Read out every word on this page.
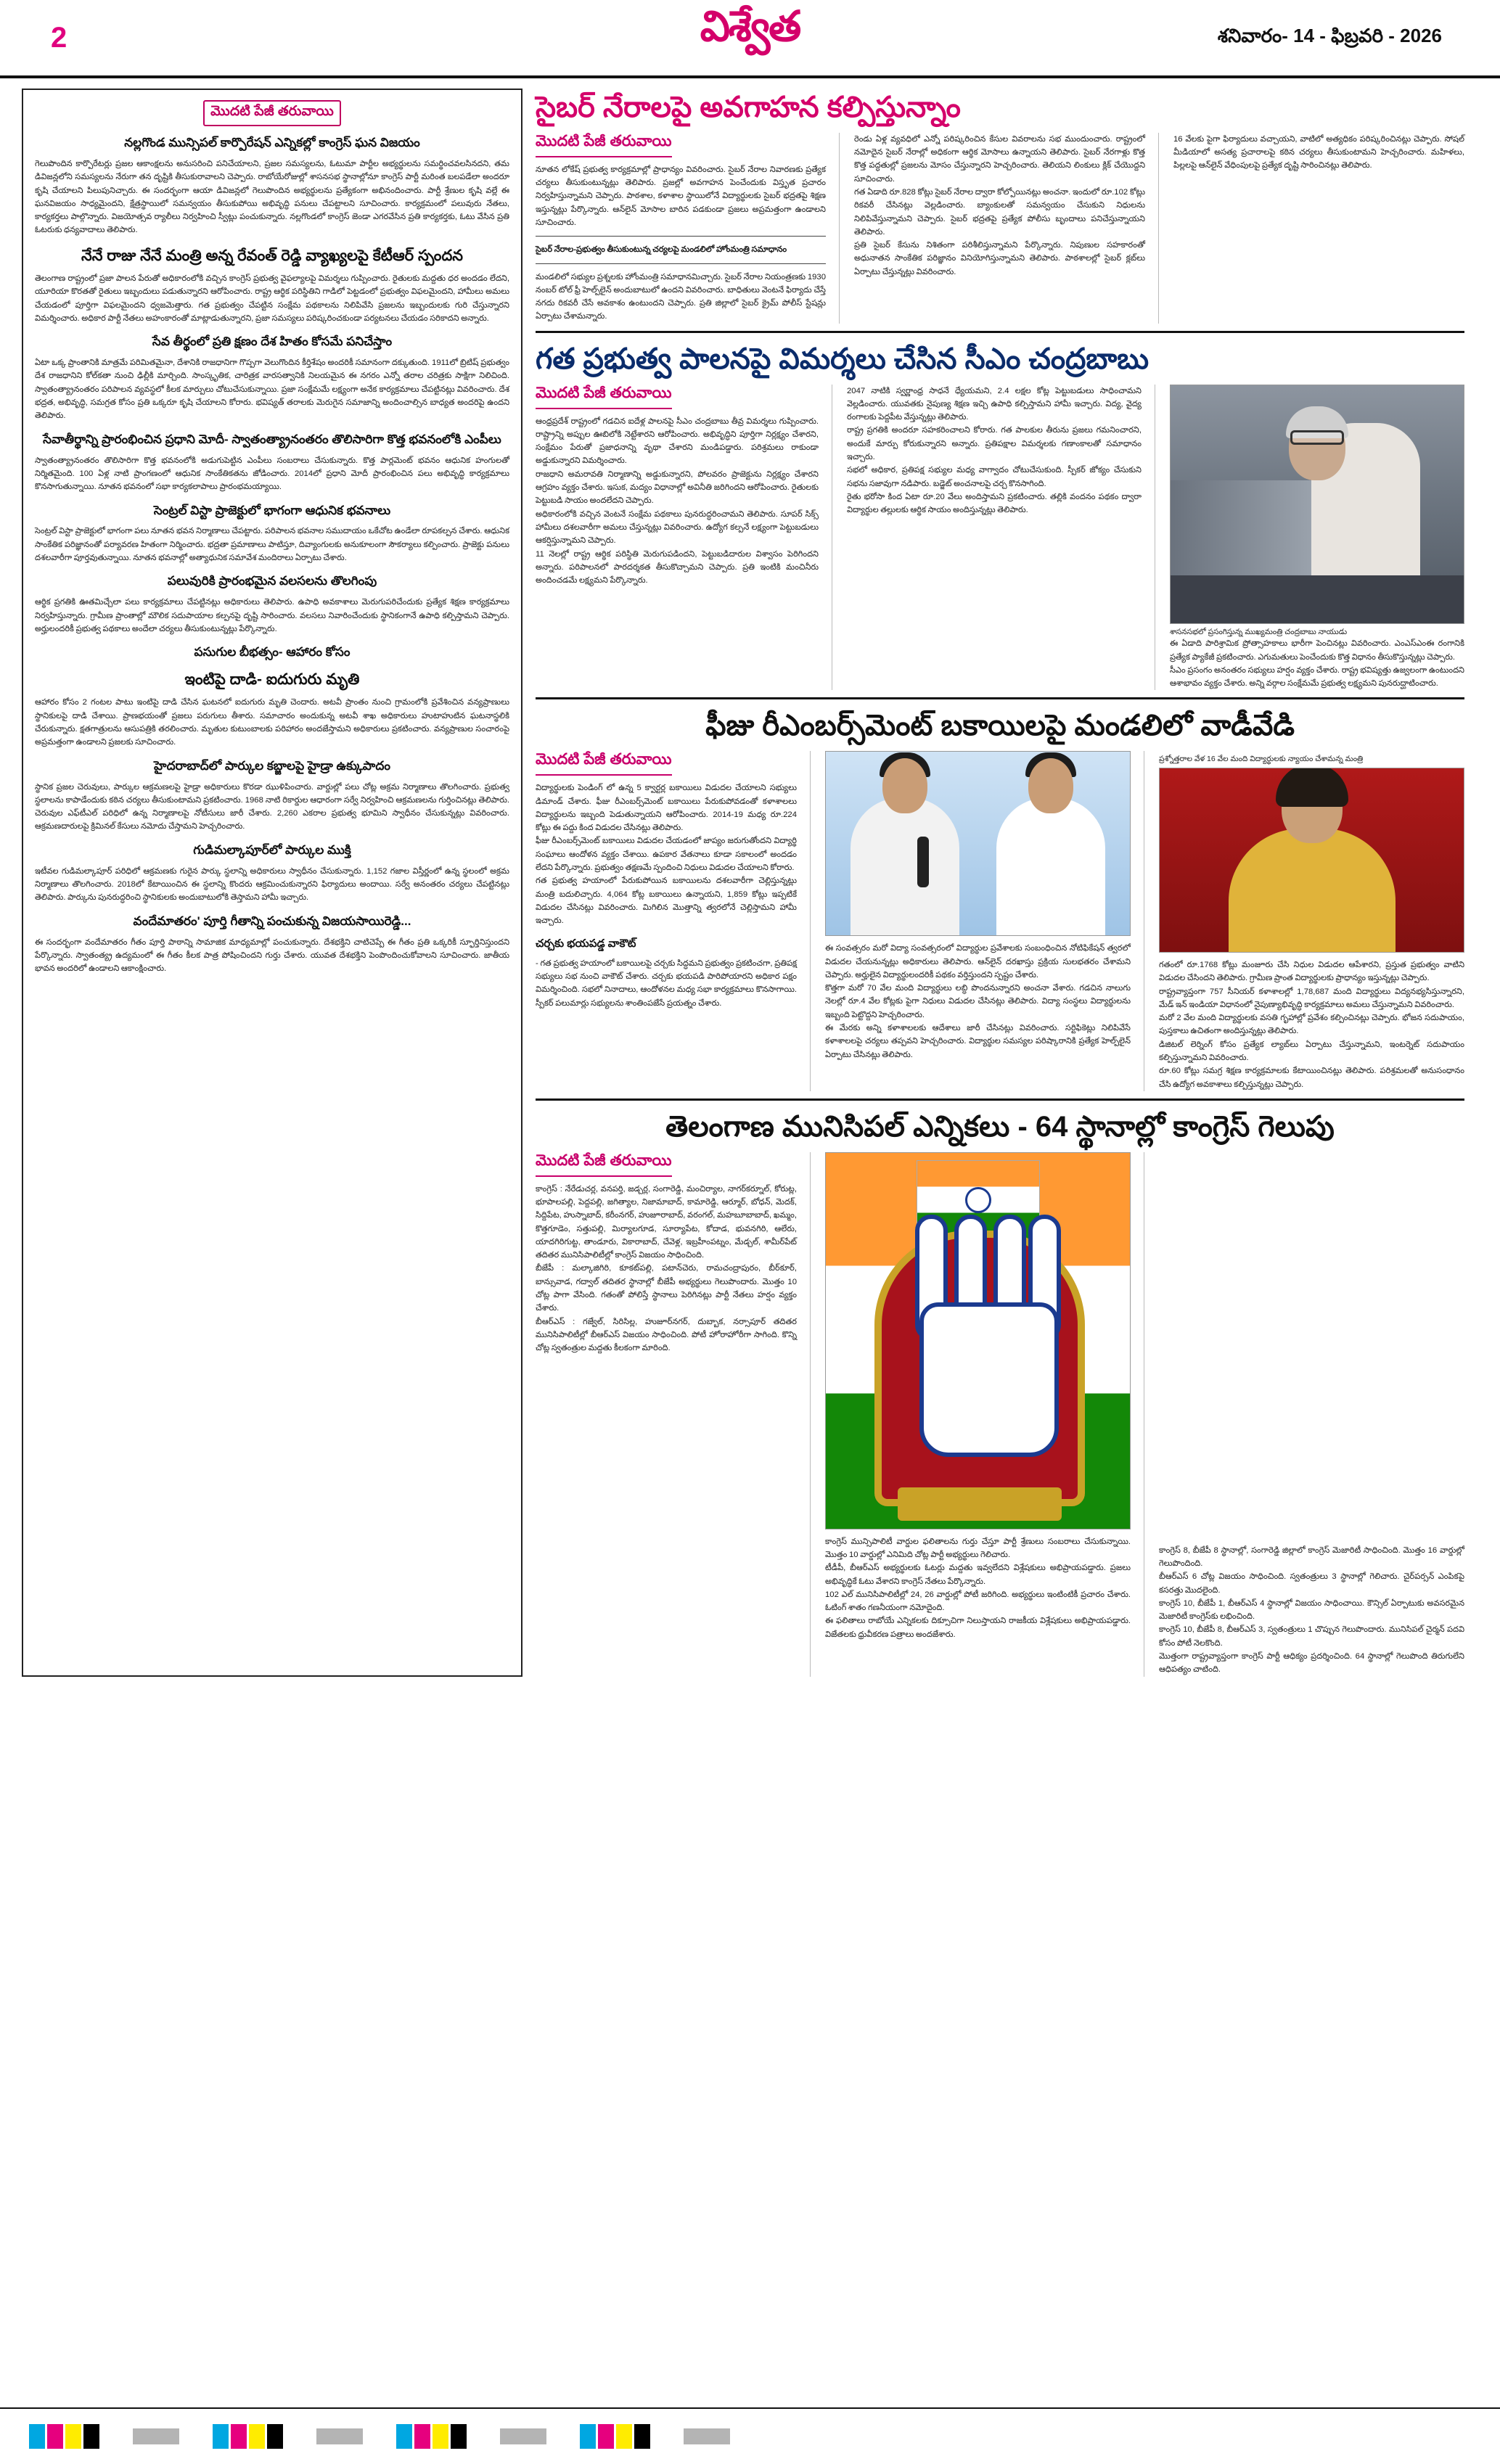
2	విశ్వేత	శనివారం- 14 - ఫిబ్రవరి - 2026
మొదటి పేజీ తరువాయి
నల్లగొండ మున్సిపల్ కార్పొరేషన్ ఎన్నికల్లో కాంగ్రెస్ ఘన విజయం
గెలుపొందిన కార్పొరేటర్లు ప్రజల ఆకాంక్షలను అనుసరించి పనిచేయాలని, ప్రజల సమస్యలను, ఓటుమా పార్టీల అభ్యర్థులను సమర్థించవలసినదని, తమ డివిజన్లలోని సమస్యలను నేరుగా తన దృష్టికి తీసుకురావాలని చెప్పారు. రాబోయేరోజుల్లో శాసనసభ స్థానాల్లోనూ కాంగ్రెస్ పార్టీ మరింత బలపడేలా అందరూ కృషి చేయాలని పిలుపునిచ్చారు. ఈ సందర్భంగా ఆయా డివిజన్లలో గెలుపొందిన అభ్యర్థులను ప్రత్యేకంగా అభినందించారు. పార్టీ శ్రేణుల కృషి వల్లే ఈ ఘనవిజయం సాధ్యమైందని, క్షేత్రస్థాయిలో సమన్వయం తీసుకుపోయి అభివృద్ధి పనులు చేపట్టాలని సూచించారు. కార్యక్రమంలో పలువురు నేతలు, కార్యకర్తలు పాల్గొన్నారు. విజయోత్సవ ర్యాలీలు నిర్వహించి స్వీట్లు పంచుకున్నారు. నల్లగొండలో కాంగ్రెస్ జెండా ఎగరవేసిన ప్రతి కార్యకర్తకు, ఓటు వేసిన ప్రతి ఓటరుకు ధన్యవాదాలు తెలిపారు.
నేనే రాజు నేనే మంత్రి అన్న రేవంత్ రెడ్డి వ్యాఖ్యలపై కేటీఆర్ స్పందన
తెలంగాణ రాష్ట్రంలో ప్రజా పాలన పేరుతో అధికారంలోకి వచ్చిన కాంగ్రెస్ ప్రభుత్వ వైఫల్యాలపై విమర్శలు గుప్పించారు. రైతులకు మద్దతు ధర అందడం లేదని, యూరియా కొరతతో రైతులు ఇబ్బందులు పడుతున్నారని ఆరోపించారు. రాష్ట్ర ఆర్థిక పరిస్థితిని గాడిలో పెట్టడంలో ప్రభుత్వం విఫలమైందని, హామీలు అమలు చేయడంలో పూర్తిగా విఫలమైందని ధ్వజమెత్తారు. గత ప్రభుత్వం చేపట్టిన సంక్షేమ పథకాలను నిలిపివేసి ప్రజలను ఇబ్బందులకు గురి చేస్తున్నారని విమర్శించారు. అధికార పార్టీ నేతలు అహంకారంతో మాట్లాడుతున్నారని, ప్రజా సమస్యలు పరిష్కరించకుండా పర్యటనలు చేయడం సరికాదని అన్నారు.
సేవ తీర్థంలో ప్రతి క్షణం దేశ హితం కోసమే పనిచేస్తాం
ఏటా ఒక్క ప్రాంతానికి మాత్రమే పరిమితమైనా, దేశానికి రాజధానిగా గొప్పగా వెలుగొందిన కీర్తిశేషం అందరికీ సమానంగా దక్కుతుంది. 1911లో బ్రిటిష్ ప్రభుత్వం దేశ రాజధానిని కోల్‌కతా నుంచి ఢిల్లీకి మార్చింది. సాంస్కృతిక, చారిత్రక వారసత్వానికి నిలయమైన ఈ నగరం ఎన్నో తరాల చరిత్రకు సాక్షిగా నిలిచింది. స్వాతంత్య్రానంతరం పరిపాలన వ్యవస్థలో కీలక మార్పులు చోటుచేసుకున్నాయి. ప్రజా సంక్షేమమే లక్ష్యంగా అనేక కార్యక్రమాలు చేపట్టినట్లు వివరించారు. దేశ భద్రత, అభివృద్ధి, సమగ్రత కోసం ప్రతి ఒక్కరూ కృషి చేయాలని కోరారు. భవిష్యత్ తరాలకు మెరుగైన సమాజాన్ని అందించాల్సిన బాధ్యత అందరిపై ఉందని తెలిపారు.
సేవాతీర్థాన్ని ప్రారంభించిన ప్రధాని మోదీ- స్వాతంత్య్రానంతరం తొలిసారిగా కొత్త భవనంలోకి ఎంపీలు
స్వాతంత్య్రానంతరం తొలిసారిగా కొత్త భవనంలోకి అడుగుపెట్టిన ఎంపీలు సంబరాలు చేసుకున్నారు. కొత్త పార్లమెంట్ భవనం ఆధునిక హంగులతో నిర్మితమైంది. 100 ఏళ్ల నాటి ప్రాంగణంలో ఆధునిక సాంకేతికతను జోడించారు. 2014లో ప్రధాని మోదీ ప్రారంభించిన పలు అభివృద్ధి కార్యక్రమాలు కొనసాగుతున్నాయి. నూతన భవనంలో సభా కార్యకలాపాలు ప్రారంభమయ్యాయి.
సెంట్రల్ విస్టా ప్రాజెక్టులో భాగంగా ఆధునిక భవనాలు
సెంట్రల్ విస్టా ప్రాజెక్టులో భాగంగా పలు నూతన భవన నిర్మాణాలు చేపట్టారు. పరిపాలన భవనాల సముదాయం ఒకేచోట ఉండేలా రూపకల్పన చేశారు. ఆధునిక సాంకేతిక పరిజ్ఞానంతో పర్యావరణ హితంగా నిర్మించారు. భద్రతా ప్రమాణాలు పాటిస్తూ, దివ్యాంగులకు అనుకూలంగా సౌకర్యాలు కల్పించారు. ప్రాజెక్టు పనులు దశలవారీగా పూర్తవుతున్నాయి. నూతన భవనాల్లో అత్యాధునిక సమావేశ మందిరాలు ఏర్పాటు చేశారు.
పలువురికి ప్రారంభమైన వలసలను తొలగింపు
ఆర్థిక ప్రగతికి ఊతమిచ్చేలా పలు కార్యక్రమాలు చేపట్టినట్లు అధికారులు తెలిపారు. ఉపాధి అవకాశాలు మెరుగుపరిచేందుకు ప్రత్యేక శిక్షణ కార్యక్రమాలు నిర్వహిస్తున్నారు. గ్రామీణ ప్రాంతాల్లో మౌలిక సదుపాయాల కల్పనపై దృష్టి సారించారు. వలసలు నివారించేందుకు స్థానికంగానే ఉపాధి కల్పిస్తామని చెప్పారు. అర్హులందరికీ ప్రభుత్వ పథకాలు అందేలా చర్యలు తీసుకుంటున్నట్లు పేర్కొన్నారు.
పసుగుల బీభత్సం- ఆహారం కోసం
ఇంటిపై దాడి- ఐదుగురు మృతి
ఆహారం కోసం 2 గంటల పాటు ఇంటిపై దాడి చేసిన ఘటనలో ఐదుగురు మృతి చెందారు. అటవీ ప్రాంతం నుంచి గ్రామంలోకి ప్రవేశించిన వన్యప్రాణులు స్థానికులపై దాడి చేశాయి. ప్రాణభయంతో ప్రజలు పరుగులు తీశారు. సమాచారం అందుకున్న అటవీ శాఖ అధికారులు హుటాహుటిన ఘటనాస్థలికి చేరుకున్నారు. క్షతగాత్రులను ఆసుపత్రికి తరలించారు. మృతుల కుటుంబాలకు పరిహారం అందజేస్తామని అధికారులు ప్రకటించారు. వన్యప్రాణుల సంచారంపై అప్రమత్తంగా ఉండాలని ప్రజలకు సూచించారు.
హైదరాబాద్‌లో పార్కుల కబ్జాలపై హైడ్రా ఉక్కుపాదం
స్థానిక ప్రజల చెరువులు, పార్కుల ఆక్రమణలపై హైడ్రా అధికారులు కొరడా ఝుళిపించారు. వార్డుల్లో పలు చోట్ల అక్రమ నిర్మాణాలు తొలగించారు. ప్రభుత్వ స్థలాలను కాపాడేందుకు కఠిన చర్యలు తీసుకుంటామని ప్రకటించారు. 1968 నాటి రికార్డుల ఆధారంగా సర్వే నిర్వహించి ఆక్రమణలను గుర్తించినట్లు తెలిపారు. చెరువుల ఎఫ్‌టీఎల్ పరిధిలో ఉన్న నిర్మాణాలపై నోటీసులు జారీ చేశారు. 2,260 ఎకరాల ప్రభుత్వ భూమిని స్వాధీనం చేసుకున్నట్లు వివరించారు. ఆక్రమణదారులపై క్రిమినల్ కేసులు నమోదు చేస్తామని హెచ్చరించారు.
గుడిమల్కాపూర్‌లో పార్కుల ముక్తి
ఇటీవల గుడిమల్కాపూర్ పరిధిలో ఆక్రమణకు గురైన పార్కు స్థలాన్ని అధికారులు స్వాధీనం చేసుకున్నారు. 1,152 గజాల విస్తీర్ణంలో ఉన్న స్థలంలో అక్రమ నిర్మాణాలు తొలగించారు. 2018లో కేటాయించిన ఈ స్థలాన్ని కొందరు ఆక్రమించుకున్నారని ఫిర్యాదులు అందాయి. సర్వే అనంతరం చర్యలు చేపట్టినట్లు తెలిపారు. పార్కును పునరుద్ధరించి స్థానికులకు అందుబాటులోకి తెస్తామని హామీ ఇచ్చారు.
వందేమాతరం' పూర్తి గీతాన్ని పంచుకున్న విజయసాయిరెడ్డి...
ఈ సందర్భంగా వందేమాతరం గీతం పూర్తి పాఠాన్ని సామాజిక మాధ్యమాల్లో పంచుకున్నారు. దేశభక్తిని చాటిచెప్పే ఈ గీతం ప్రతి ఒక్కరికీ స్ఫూర్తినిస్తుందని పేర్కొన్నారు. స్వాతంత్య్ర ఉద్యమంలో ఈ గీతం కీలక పాత్ర పోషించిందని గుర్తు చేశారు. యువత దేశభక్తిని పెంపొందించుకోవాలని సూచించారు. జాతీయ భావన అందరిలో ఉండాలని ఆకాంక్షించారు.
సైబర్ నేరాలపై అవగాహన కల్పిస్తున్నాం
మొదటి పేజీ తరువాయి
నూతన లోకేష్ ప్రభుత్వ కార్యక్రమాల్లో ప్రాధాన్యం వివరించారు. సైబర్ నేరాల నివారణకు ప్రత్యేక చర్యలు తీసుకుంటున్నట్లు తెలిపారు. ప్రజల్లో అవగాహన పెంచేందుకు విస్తృత ప్రచారం నిర్వహిస్తున్నామని చెప్పారు. పాఠశాల, కళాశాల స్థాయిలోనే విద్యార్థులకు సైబర్ భద్రతపై శిక్షణ ఇస్తున్నట్లు పేర్కొన్నారు. ఆన్‌లైన్ మోసాల బారిన పడకుండా ప్రజలు అప్రమత్తంగా ఉండాలని సూచించారు.
సైబర్ నేరాల-ప్రభుత్వం తీసుకుంటున్న చర్యలపై మండలిలో హోంమంత్రి సమాధానం
మండలిలో సభ్యుల ప్రశ్నలకు హోంమంత్రి సమాధానమిచ్చారు. సైబర్ నేరాల నియంత్రణకు 1930 నంబర్ టోల్ ఫ్రీ హెల్ప్‌లైన్ అందుబాటులో ఉందని వివరించారు. బాధితులు వెంటనే ఫిర్యాదు చేస్తే నగదు రికవరీ చేసే అవకాశం ఉంటుందని చెప్పారు. ప్రతి జిల్లాలో సైబర్ క్రైమ్ పోలీస్ స్టేషన్లు ఏర్పాటు చేశామన్నారు.
రెండు ఏళ్ల వ్యవధిలో ఎన్నో పరిష్కరించిన కేసుల వివరాలను సభ ముందుంచారు. రాష్ట్రంలో నమోదైన సైబర్ నేరాల్లో అధికంగా ఆర్థిక మోసాలు ఉన్నాయని తెలిపారు. సైబర్ నేరగాళ్లు కొత్త కొత్త పద్ధతుల్లో ప్రజలను మోసం చేస్తున్నారని హెచ్చరించారు. తెలియని లింకులు క్లిక్ చేయొద్దని సూచించారు.
గత ఏడాది రూ.828 కోట్లు సైబర్ నేరాల ద్వారా కోల్పోయినట్లు అంచనా. ఇందులో రూ.102 కోట్లు రికవరీ చేసినట్లు వెల్లడించారు. బ్యాంకులతో సమన్వయం చేసుకుని నిధులను నిలిపివేస్తున్నామని చెప్పారు. సైబర్ భద్రతపై ప్రత్యేక పోలీసు బృందాలు పనిచేస్తున్నాయని తెలిపారు.
ప్రతి సైబర్ కేసును నిశితంగా పరిశీలిస్తున్నామని పేర్కొన్నారు. నిపుణుల సహకారంతో అధునాతన సాంకేతిక పరిజ్ఞానం వినియోగిస్తున్నామని తెలిపారు. పాఠశాలల్లో సైబర్ క్లబ్‌లు ఏర్పాటు చేస్తున్నట్లు వివరించారు.
16 వేలకు పైగా ఫిర్యాదులు వచ్చాయని, వాటిలో అత్యధికం పరిష్కరించినట్లు చెప్పారు. సోషల్ మీడియాలో అసత్య ప్రచారాలపై కఠిన చర్యలు తీసుకుంటామని హెచ్చరించారు. మహిళలు, పిల్లలపై ఆన్‌లైన్ వేధింపులపై ప్రత్యేక దృష్టి సారించినట్లు తెలిపారు.
గత ప్రభుత్వ పాలనపై విమర్శలు చేసిన సీఎం చంద్రబాబు
మొదటి పేజీ తరువాయి
ఆంధ్రప్రదేశ్ రాష్ట్రంలో గడచిన ఐదేళ్ల పాలనపై సీఎం చంద్రబాబు తీవ్ర విమర్శలు గుప్పించారు. రాష్ట్రాన్ని అప్పుల ఊబిలోకి నెట్టేశారని ఆరోపించారు. అభివృద్ధిని పూర్తిగా నిర్లక్ష్యం చేశారని, సంక్షేమం పేరుతో ప్రజాధనాన్ని వృథా చేశారని మండిపడ్డారు. పరిశ్రమలు రాకుండా అడ్డుకున్నారని విమర్శించారు.
రాజధాని అమరావతి నిర్మాణాన్ని అడ్డుకున్నారని, పోలవరం ప్రాజెక్టును నిర్లక్ష్యం చేశారని ఆగ్రహం వ్యక్తం చేశారు. ఇసుక, మద్యం విధానాల్లో అవినీతి జరిగిందని ఆరోపించారు. రైతులకు పెట్టుబడి సాయం అందలేదని చెప్పారు.
అధికారంలోకి వచ్చిన వెంటనే సంక్షేమ పథకాలు పునరుద్ధరించామని తెలిపారు. సూపర్ సిక్స్ హామీలు దశలవారీగా అమలు చేస్తున్నట్లు వివరించారు. ఉద్యోగ కల్పనే లక్ష్యంగా పెట్టుబడులు ఆకర్షిస్తున్నామని చెప్పారు.
11 నెలల్లో రాష్ట్ర ఆర్థిక పరిస్థితి మెరుగుపడిందని, పెట్టుబడిదారుల విశ్వాసం పెరిగిందని అన్నారు. పరిపాలనలో పారదర్శకత తీసుకొచ్చామని చెప్పారు. ప్రతి ఇంటికి మంచినీరు అందించడమే లక్ష్యమని పేర్కొన్నారు.
2047 నాటికి స్వర్ణాంధ్ర సాధనే ధ్యేయమని, 2.4 లక్షల కోట్ల పెట్టుబడులు సాధించామని వెల్లడించారు. యువతకు నైపుణ్య శిక్షణ ఇచ్చి ఉపాధి కల్పిస్తామని హామీ ఇచ్చారు. విద్య, వైద్య రంగాలకు పెద్దపీట వేస్తున్నట్లు తెలిపారు.
రాష్ట్ర ప్రగతికి అందరూ సహకరించాలని కోరారు. గత పాలకుల తీరును ప్రజలు గమనించారని, అందుకే మార్పు కోరుకున్నారని అన్నారు. ప్రతిపక్షాల విమర్శలకు గణాంకాలతో సమాధానం ఇచ్చారు.
సభలో అధికార, ప్రతిపక్ష సభ్యుల మధ్య వాగ్వాదం చోటుచేసుకుంది. స్పీకర్ జోక్యం చేసుకుని సభను సజావుగా నడిపారు. బడ్జెట్ అంచనాలపై చర్చ కొనసాగింది.
రైతు భరోసా కింద ఏటా రూ.20 వేలు అందిస్తామని ప్రకటించారు. తల్లికి వందనం పథకం ద్వారా విద్యార్థుల తల్లులకు ఆర్థిక సాయం అందిస్తున్నట్లు తెలిపారు.
శాసనసభలో ప్రసంగిస్తున్న ముఖ్యమంత్రి చంద్రబాబు నాయుడు
ఈ ఏడాది పారిశ్రామిక ప్రోత్సాహకాలు భారీగా పెంచినట్లు వివరించారు. ఎంఎస్‌ఎంఈ రంగానికి ప్రత్యేక ప్యాకేజీ ప్రకటించారు. ఎగుమతులు పెంచేందుకు కొత్త విధానం తీసుకొస్తున్నట్లు చెప్పారు.
సీఎం ప్రసంగం అనంతరం సభ్యులు హర్షం వ్యక్తం చేశారు. రాష్ట్ర భవిష్యత్తు ఉజ్వలంగా ఉంటుందని ఆశాభావం వ్యక్తం చేశారు. అన్ని వర్గాల సంక్షేమమే ప్రభుత్వ లక్ష్యమని పునరుద్ఘాటించారు.
ఫీజు రీఎంబర్స్‌మెంట్ బకాయిలపై మండలిలో వాడీవేడి
మొదటి పేజీ తరువాయి
విద్యార్థులకు పెండింగ్ లో ఉన్న 5 క్వార్టర్ల బకాయిలు విడుదల చేయాలని సభ్యులు డిమాండ్ చేశారు. ఫీజు రీఎంబర్స్‌మెంట్ బకాయిలు పేరుకుపోవడంతో కళాశాలలు విద్యార్థులను ఇబ్బంది పెడుతున్నాయని ఆరోపించారు. 2014-19 మధ్య రూ.224 కోట్లు ఈ పద్దు కింద విడుదల చేసినట్లు తెలిపారు.
ఫీజు రీఎంబర్స్‌మెంట్ బకాయిలు విడుదల చేయడంలో జాప్యం జరుగుతోందని విద్యార్థి సంఘాలు ఆందోళన వ్యక్తం చేశాయి. ఉపకార వేతనాలు కూడా సకాలంలో అందడం లేదని పేర్కొన్నారు. ప్రభుత్వం తక్షణమే స్పందించి నిధులు విడుదల చేయాలని కోరారు.
గత ప్రభుత్వ హయాంలో పేరుకుపోయిన బకాయిలను దశలవారీగా చెల్లిస్తున్నట్లు మంత్రి బదులిచ్చారు. 4,064 కోట్ల బకాయిలు ఉన్నాయని, 1,859 కోట్లు ఇప్పటికే విడుదల చేసినట్లు వివరించారు. మిగిలిన మొత్తాన్ని త్వరలోనే చెల్లిస్తామని హామీ ఇచ్చారు.
చర్చకు భయపడ్డ వాకౌట్
- గత ప్రభుత్వ హయాంలో బకాయిలపై చర్చకు సిద్ధమని ప్రభుత్వం ప్రకటించగా, ప్రతిపక్ష సభ్యులు సభ నుంచి వాకౌట్ చేశారు. చర్చకు భయపడి పారిపోయారని అధికార పక్షం విమర్శించింది. సభలో నినాదాలు, ఆందోళనల మధ్య సభా కార్యక్రమాలు కొనసాగాయి. స్పీకర్ పలుమార్లు సభ్యులను శాంతింపజేసే ప్రయత్నం చేశారు.
ఈ సంవత్సరం మరో విద్యా సంవత్సరంలో విద్యార్థుల ప్రవేశాలకు సంబంధించిన నోటిఫికేషన్ త్వరలో విడుదల చేయనున్నట్లు అధికారులు తెలిపారు. ఆన్‌లైన్ దరఖాస్తు ప్రక్రియ సులభతరం చేశామని చెప్పారు. అర్హులైన విద్యార్థులందరికీ పథకం వర్తిస్తుందని స్పష్టం చేశారు.
కొత్తగా మరో 70 వేల మంది విద్యార్థులు లబ్ధి పొందనున్నారని అంచనా వేశారు. గడచిన నాలుగు నెలల్లో రూ.4 వేల కోట్లకు పైగా నిధులు విడుదల చేసినట్లు తెలిపారు. విద్యా సంస్థలు విద్యార్థులను ఇబ్బంది పెట్టొద్దని హెచ్చరించారు.
ఈ మేరకు అన్ని కళాశాలలకు ఆదేశాలు జారీ చేసినట్లు వివరించారు. సర్టిఫికెట్లు నిలిపివేసే కళాశాలలపై చర్యలు తప్పవని హెచ్చరించారు. విద్యార్థుల సమస్యల పరిష్కారానికి ప్రత్యేక హెల్ప్‌లైన్ ఏర్పాటు చేసినట్లు తెలిపారు.
ప్రశ్నోత్తరాల వేళ 16 వేల మంది విద్యార్థులకు న్యాయం చేశామన్న మంత్రి
గతంలో రూ.1768 కోట్లు మంజూరు చేసి నిధుల విడుదల ఆపేశారని, ప్రస్తుత ప్రభుత్వం వాటిని విడుదల చేసిందని తెలిపారు. గ్రామీణ ప్రాంత విద్యార్థులకు ప్రాధాన్యం ఇస్తున్నట్లు చెప్పారు.
రాష్ట్రవ్యాప్తంగా 757 సీనియర్ కళాశాలల్లో 1,78,687 మంది విద్యార్థులు విద్యనభ్యసిస్తున్నారని, మేడ్ ఇన్ ఇండియా విధానంలో నైపుణ్యాభివృద్ధి కార్యక్రమాలు అమలు చేస్తున్నామని వివరించారు.
మరో 2 వేల మంది విద్యార్థులకు వసతి గృహాల్లో ప్రవేశం కల్పించినట్లు చెప్పారు. భోజన సదుపాయం, పుస్తకాలు ఉచితంగా అందిస్తున్నట్లు తెలిపారు.
డిజిటల్ లెర్నింగ్ కోసం ప్రత్యేక ల్యాబ్‌లు ఏర్పాటు చేస్తున్నామని, ఇంటర్నెట్ సదుపాయం కల్పిస్తున్నామని వివరించారు.
రూ.60 కోట్లు సమగ్ర శిక్షణ కార్యక్రమాలకు కేటాయించినట్లు తెలిపారు. పరిశ్రమలతో అనుసంధానం చేసి ఉద్యోగ అవకాశాలు కల్పిస్తున్నట్లు చెప్పారు.
తెలంగాణ మునిసిపల్ ఎన్నికలు - 64 స్థానాల్లో కాంగ్రెస్ గెలుపు
మొదటి పేజీ తరువాయి
కాంగ్రెస్ : నేరేడుచర్ల, వనపర్తి, జడ్చర్ల, సంగారెడ్డి, మంచిర్యాల, నాగర్‌కర్నూల్, కోరుట్ల, భూపాలపల్లి, పెద్దపల్లి, జగిత్యాల, నిజామాబాద్, కామారెడ్డి, ఆర్మూర్, బోధన్, మెదక్, సిద్దిపేట, హుస్నాబాద్, కరీంనగర్, హుజూరాబాద్, వరంగల్, మహబూబాబాద్, ఖమ్మం, కొత్తగూడెం, సత్తుపల్లి, మిర్యాలగూడ, సూర్యాపేట, కోదాడ, భువనగిరి, ఆలేరు, యాదగిరిగుట్ట, తాండూరు, వికారాబాద్, చేవెళ్ల, ఇబ్రహీంపట్నం, మేడ్చల్, శామీర్‌పేట్ తదితర మునిసిపాలిటీల్లో కాంగ్రెస్ విజయం సాధించింది.
బీజేపీ : మల్కాజిగిరి, కూకట్‌పల్లి, పటాన్‌చెరు, రామచంద్రాపురం, బీర్‌కూర్, బాన్సువాడ, గద్వాల్ తదితర స్థానాల్లో బీజేపీ అభ్యర్థులు గెలుపొందారు. మొత్తం 10 చోట్ల పాగా వేసింది. గతంతో పోలిస్తే స్థానాలు పెరిగినట్లు పార్టీ నేతలు హర్షం వ్యక్తం చేశారు.
బీఆర్‌ఎస్ : గజ్వేల్, సిరిసిల్ల, హుజూర్‌నగర్, దుబ్బాక, నర్సాపూర్ తదితర మునిసిపాలిటీల్లో బీఆర్‌ఎస్ విజయం సాధించింది. పోటీ హోరాహోరీగా సాగింది. కొన్ని చోట్ల స్వతంత్రుల మద్దతు కీలకంగా మారింది.
కాంగ్రెస్ మున్సిపాలిటీ వార్డుల ఫలితాలను గుర్తు చేస్తూ పార్టీ శ్రేణులు సంబరాలు చేసుకున్నాయి. మొత్తం 10 వార్డుల్లో ఎనిమిది చోట్ల పార్టీ అభ్యర్థులు గెలిచారు.
టీడీపీ, బీఆర్‌ఎస్ అభ్యర్థులకు ఓటర్లు మద్దతు ఇవ్వలేదని విశ్లేషకులు అభిప్రాయపడ్డారు. ప్రజలు అభివృద్ధికే ఓటు వేశారని కాంగ్రెస్ నేతలు పేర్కొన్నారు.
102 ఎల్ మునిసిపాలిటీల్లో 24, 26 వార్డుల్లో పోటీ జరిగింది. అభ్యర్థులు ఇంటింటికీ ప్రచారం చేశారు. ఓటింగ్ శాతం గణనీయంగా నమోదైంది.
ఈ ఫలితాలు రాబోయే ఎన్నికలకు దిక్సూచిగా నిలుస్తాయని రాజకీయ విశ్లేషకులు అభిప్రాయపడ్డారు. విజేతలకు ధ్రువీకరణ పత్రాలు అందజేశారు.
కాంగ్రెస్ 8, బీజేపీ 8 స్థానాల్లో, సంగారెడ్డి జిల్లాలో కాంగ్రెస్ మెజారిటీ సాధించింది. మొత్తం 16 వార్డుల్లో గెలుపొందింది.
బీఆర్‌ఎస్ 6 చోట్ల విజయం సాధించింది. స్వతంత్రులు 3 స్థానాల్లో గెలిచారు. చైర్‌పర్సన్ ఎంపికపై కసరత్తు మొదలైంది.
కాంగ్రెస్ 10, బీజేపీ 1, బీఆర్‌ఎస్ 4 స్థానాల్లో విజయం సాధించాయి. కౌన్సిల్ ఏర్పాటుకు అవసరమైన మెజారిటీ కాంగ్రెస్‌కు లభించింది.
కాంగ్రెస్ 10, బీజేపీ 8, బీఆర్‌ఎస్ 3, స్వతంత్రులు 1 చొప్పున గెలుపొందారు. మునిసిపల్ చైర్మన్ పదవి కోసం పోటీ నెలకొంది.
మొత్తంగా రాష్ట్రవ్యాప్తంగా కాంగ్రెస్ పార్టీ ఆధిక్యం ప్రదర్శించింది. 64 స్థానాల్లో గెలుపొంది తిరుగులేని ఆధిపత్యం చాటింది.
